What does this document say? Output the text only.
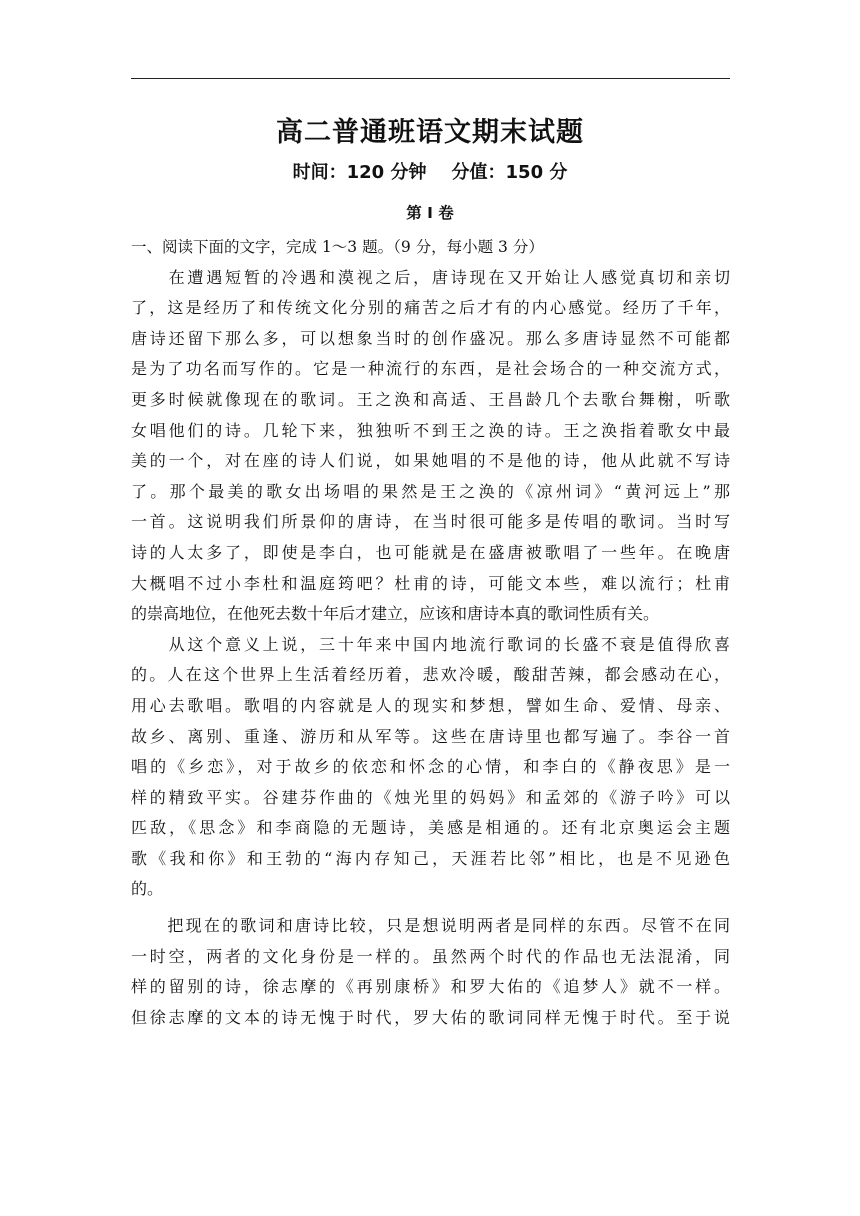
高二普通班语文期末试题
时间：120 分钟    分值：150 分
第 I 卷
一、阅读下面的文字，完成 1～3 题。（9 分，每小题 3 分）
　　在遭遇短暂的冷遇和漠视之后，唐诗现在又开始让人感觉真切和亲切
了，这是经历了和传统文化分别的痛苦之后才有的内心感觉。经历了千年，
唐诗还留下那么多，可以想象当时的创作盛况。那么多唐诗显然不可能都
是为了功名而写作的。它是一种流行的东西，是社会场合的一种交流方式，
更多时候就像现在的歌词。王之涣和高适、王昌龄几个去歌台舞榭，听歌
女唱他们的诗。几轮下来，独独听不到王之涣的诗。王之涣指着歌女中最
美的一个，对在座的诗人们说，如果她唱的不是他的诗，他从此就不写诗
了。那个最美的歌女出场唱的果然是王之涣的《凉州词》“黄河远上”那
一首。这说明我们所景仰的唐诗，在当时很可能多是传唱的歌词。当时写
诗的人太多了，即使是李白，也可能就是在盛唐被歌唱了一些年。在晚唐
大概唱不过小李杜和温庭筠吧？杜甫的诗，可能文本些，难以流行；杜甫
的崇高地位，在他死去数十年后才建立，应该和唐诗本真的歌词性质有关。
　　从这个意义上说，三十年来中国内地流行歌词的长盛不衰是值得欣喜
的。人在这个世界上生活着经历着，悲欢冷暖，酸甜苦辣，都会感动在心，
用心去歌唱。歌唱的内容就是人的现实和梦想，譬如生命、爱情、母亲、
故乡、离别、重逢、游历和从军等。这些在唐诗里也都写遍了。李谷一首
唱的《乡恋》，对于故乡的依恋和怀念的心情，和李白的《静夜思》是一
样的精致平实。谷建芬作曲的《烛光里的妈妈》和孟郊的《游子吟》可以
匹敌，《思念》和李商隐的无题诗，美感是相通的。还有北京奥运会主题
歌《我和你》和王勃的“海内存知己，天涯若比邻”相比，也是不见逊色
的。
　　把现在的歌词和唐诗比较，只是想说明两者是同样的东西。尽管不在同
一时空，两者的文化身份是一样的。虽然两个时代的作品也无法混淆，同
样的留别的诗，徐志摩的《再别康桥》和罗大佑的《追梦人》就不一样。
但徐志摩的文本的诗无愧于时代，罗大佑的歌词同样无愧于时代。至于说
